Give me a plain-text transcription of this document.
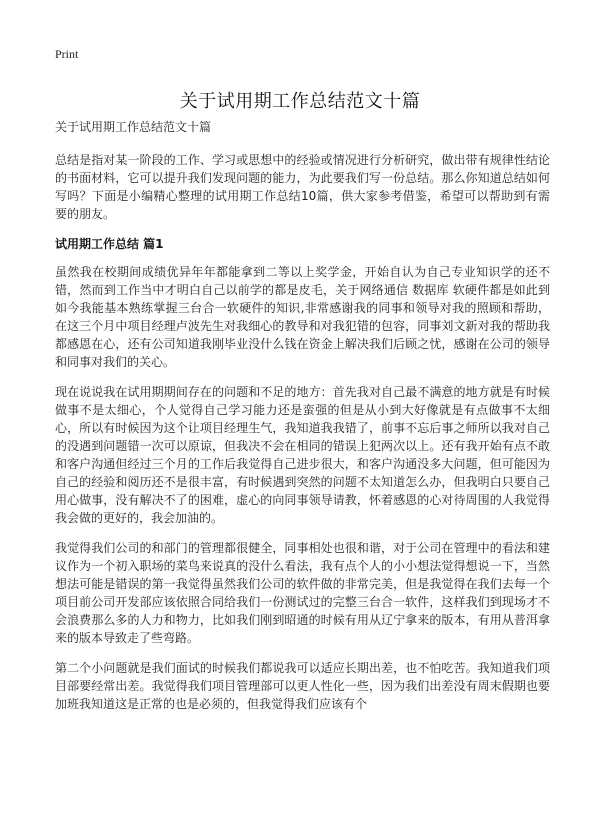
Print
关于试用期工作总结范文十篇
关于试用期工作总结范文十篇

总结是指对某一阶段的工作、学习或思想中的经验或情况进行分析研究，做出带有规律性结论的书面材料，它可以提升我们发现问题的能力，为此要我们写一份总结。那么你知道总结如何写吗？下面是小编精心整理的试用期工作总结10篇，供大家参考借鉴，希望可以帮助到有需要的朋友。

试用期工作总结 篇1

虽然我在校期间成绩优异年年都能拿到二等以上奖学金，开始自认为自己专业知识学的还不错，然而到工作当中才明白自己以前学的都是皮毛，关于网络通信 数据库 软硬件都是如此到如今我能基本熟练掌握三台合一软硬件的知识,非常感谢我的同事和领导对我的照顾和帮助，在这三个月中项目经理卢波先生对我细心的教导和对我犯错的包容，同事刘文新对我的帮助我都感恩在心，还有公司知道我刚毕业没什么钱在资金上解决我们后顾之忧，感谢在公司的领导和同事对我们的关心。

现在说说我在试用期期间存在的问题和不足的地方：首先我对自己最不满意的地方就是有时候做事不是太细心，个人觉得自己学习能力还是蛮强的但是从小到大好像就是有点做事不太细心，所以有时候因为这个让项目经理生气，我知道我我错了，前事不忘后事之师所以我对自己的没遇到问题错一次可以原谅，但我决不会在相同的错误上犯两次以上。还有我开始有点不敢和客户沟通但经过三个月的工作后我觉得自己进步很大，和客户沟通没多大问题，但可能因为自己的经验和阅历还不是很丰富，有时候遇到突然的问题不太知道怎么办，但我明白只要自己用心做事，没有解决不了的困难，虚心的向同事领导请教，怀着感恩的心对待周围的人我觉得我会做的更好的，我会加油的。

我觉得我们公司的和部门的管理都很健全，同事相处也很和谐，对于公司在管理中的看法和建议作为一个初入职场的菜鸟来说真的没什么看法，我有点个人的小小想法觉得想说一下，当然想法可能是错误的第一我觉得虽然我们公司的软件做的非常完美，但是我觉得在我们去每一个项目前公司开发部应该依照合同给我们一份测试过的完整三台合一软件，这样我们到现场才不会浪费那么多的人力和物力，比如我们刚到昭通的时候有用从辽宁拿来的版本，有用从普洱拿来的版本导致走了些弯路。

第二个小问题就是我们面试的时候我们都说我可以适应长期出差，也不怕吃苦。我知道我们项目部要经常出差。我觉得我们项目管理部可以更人性化一些，因为我们出差没有周末假期也要加班我知道这是正常的也是必须的，但我觉得我们应该有个
